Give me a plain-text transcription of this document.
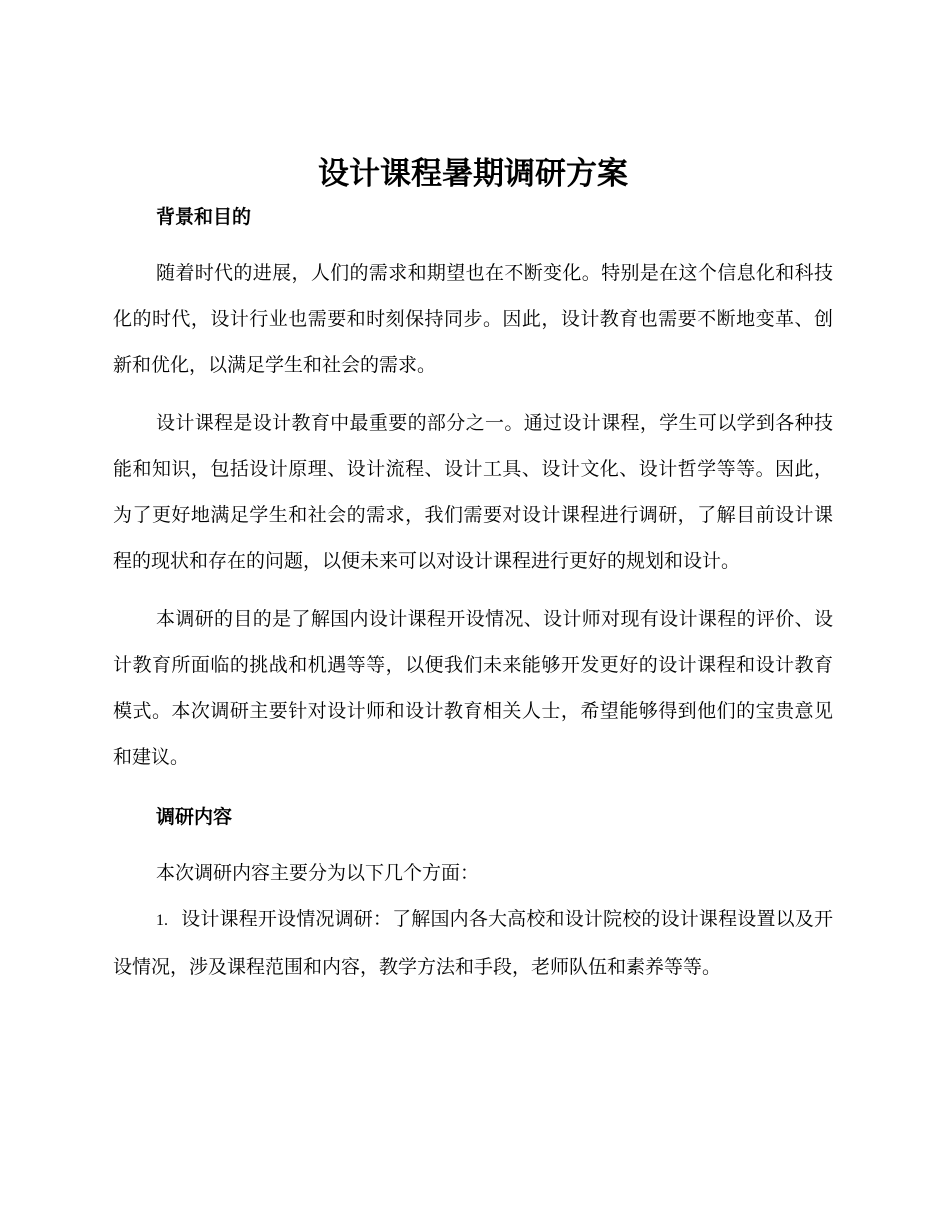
设计课程暑期调研方案
背景和目的

随着时代的进展，人们的需求和期望也在不断变化。特别是在这个信息化和科技化的时代，设计行业也需要和时刻保持同步。因此，设计教育也需要不断地变革、创新和优化，以满足学生和社会的需求。

设计课程是设计教育中最重要的部分之一。通过设计课程，学生可以学到各种技能和知识，包括设计原理、设计流程、设计工具、设计文化、设计哲学等等。因此，为了更好地满足学生和社会的需求，我们需要对设计课程进行调研，了解目前设计课程的现状和存在的问题，以便未来可以对设计课程进行更好的规划和设计。

本调研的目的是了解国内设计课程开设情况、设计师对现有设计课程的评价、设计教育所面临的挑战和机遇等等，以便我们未来能够开发更好的设计课程和设计教育模式。本次调研主要针对设计师和设计教育相关人士，希望能够得到他们的宝贵意见和建议。

调研内容

本次调研内容主要分为以下几个方面：

1. 设计课程开设情况调研：了解国内各大高校和设计院校的设计课程设置以及开设情况，涉及课程范围和内容，教学方法和手段，老师队伍和素养等等。
